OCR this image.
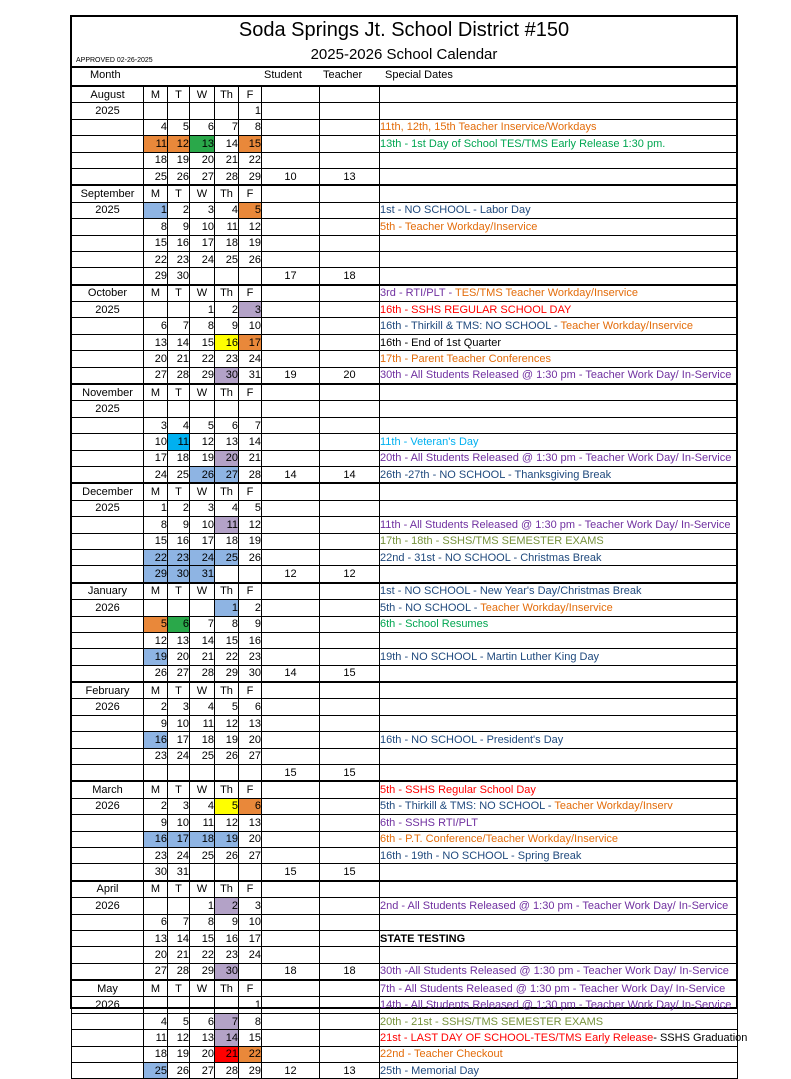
Soda Springs Jt. School District #150
APPROVED 02-26-2025	2025-2026 School Calendar
Month	Student Teacher Special Dates
August	M	T	W	Th	F			
2025					1			
	4	5	6	7	8			11th, 12th, 15th Teacher Inservice/Workdays
	11	12	13	14	15			13th - 1st Day of School TES/TMS Early Release 1:30 pm.
	18	19	20	21	22			
	25	26	27	28	29	10	13	
September	M	T	W	Th	F			
2025	1	2	3	4	5			1st - NO SCHOOL - Labor Day
	8	9	10	11	12			5th - Teacher Workday/Inservice
	15	16	17	18	19			
	22	23	24	25	26			
	29	30				17	18	
October	M	T	W	Th	F			3rd - RTI/PLT - TES/TMS Teacher Workday/Inservice
2025			1	2	3			16th - SSHS REGULAR SCHOOL DAY
	6	7	8	9	10			16th - Thirkill & TMS: NO SCHOOL - Teacher Workday/Inservice
	13	14	15	16	17			16th - End of 1st Quarter
	20	21	22	23	24			17th - Parent Teacher Conferences
	27	28	29	30	31	19	20	30th - All Students Released @ 1:30 pm - Teacher Work Day/ In-Service
November	M	T	W	Th	F			
2025								
	3	4	5	6	7			
	10	11	12	13	14			11th - Veteran's Day
	17	18	19	20	21			20th - All Students Released @ 1:30 pm - Teacher Work Day/ In-Service
	24	25	26	27	28	14	14	26th -27th - NO SCHOOL - Thanksgiving Break
December	M	T	W	Th	F			
2025	1	2	3	4	5			
	8	9	10	11	12			11th - All Students Released @ 1:30 pm - Teacher Work Day/ In-Service
	15	16	17	18	19			17th - 18th - SSHS/TMS SEMESTER EXAMS
	22	23	24	25	26			22nd - 31st - NO SCHOOL - Christmas Break
	29	30	31			12	12	
January	M	T	W	Th	F			1st - NO SCHOOL - New Year's Day/Christmas Break
2026				1	2			5th - NO SCHOOL - Teacher Workday/Inservice
	5	6	7	8	9			6th - School Resumes
	12	13	14	15	16			
	19	20	21	22	23			19th - NO SCHOOL - Martin Luther King Day
	26	27	28	29	30	14	15	
February	M	T	W	Th	F			
2026	2	3	4	5	6			
	9	10	11	12	13			
	16	17	18	19	20			16th - NO SCHOOL - President's Day
	23	24	25	26	27			
						15	15	
March	M	T	W	Th	F			5th - SSHS Regular School Day
2026	2	3	4	5	6			5th - Thirkill & TMS: NO SCHOOL - Teacher Workday/Inserv
	9	10	11	12	13			6th - SSHS RTI/PLT
	16	17	18	19	20			6th - P.T. Conference/Teacher Workday/Inservice
	23	24	25	26	27			16th - 19th - NO SCHOOL - Spring Break
	30	31				15	15	
April	M	T	W	Th	F			
2026			1	2	3			2nd - All Students Released @ 1:30 pm - Teacher Work Day/ In-Service
	6	7	8	9	10			
	13	14	15	16	17			STATE TESTING
	20	21	22	23	24			
	27	28	29	30		18	18	30th -All Students Released @ 1:30 pm - Teacher Work Day/ In-Service
May	M	T	W	Th	F			7th - All Students Released @ 1:30 pm - Teacher Work Day/ In-Service
2026					1			14th - All Students Released @ 1:30 pm - Teacher Work Day/ In-Service
	4	5	6	7	8			20th - 21st - SSHS/TMS SEMESTER EXAMS
	11	12	13	14	15			21st - LAST DAY OF SCHOOL-TES/TMS Early Release- SSHS Graduation
	18	19	20	21	22			22nd - Teacher Checkout
	25	26	27	28	29	12	13	25th - Memorial Day
